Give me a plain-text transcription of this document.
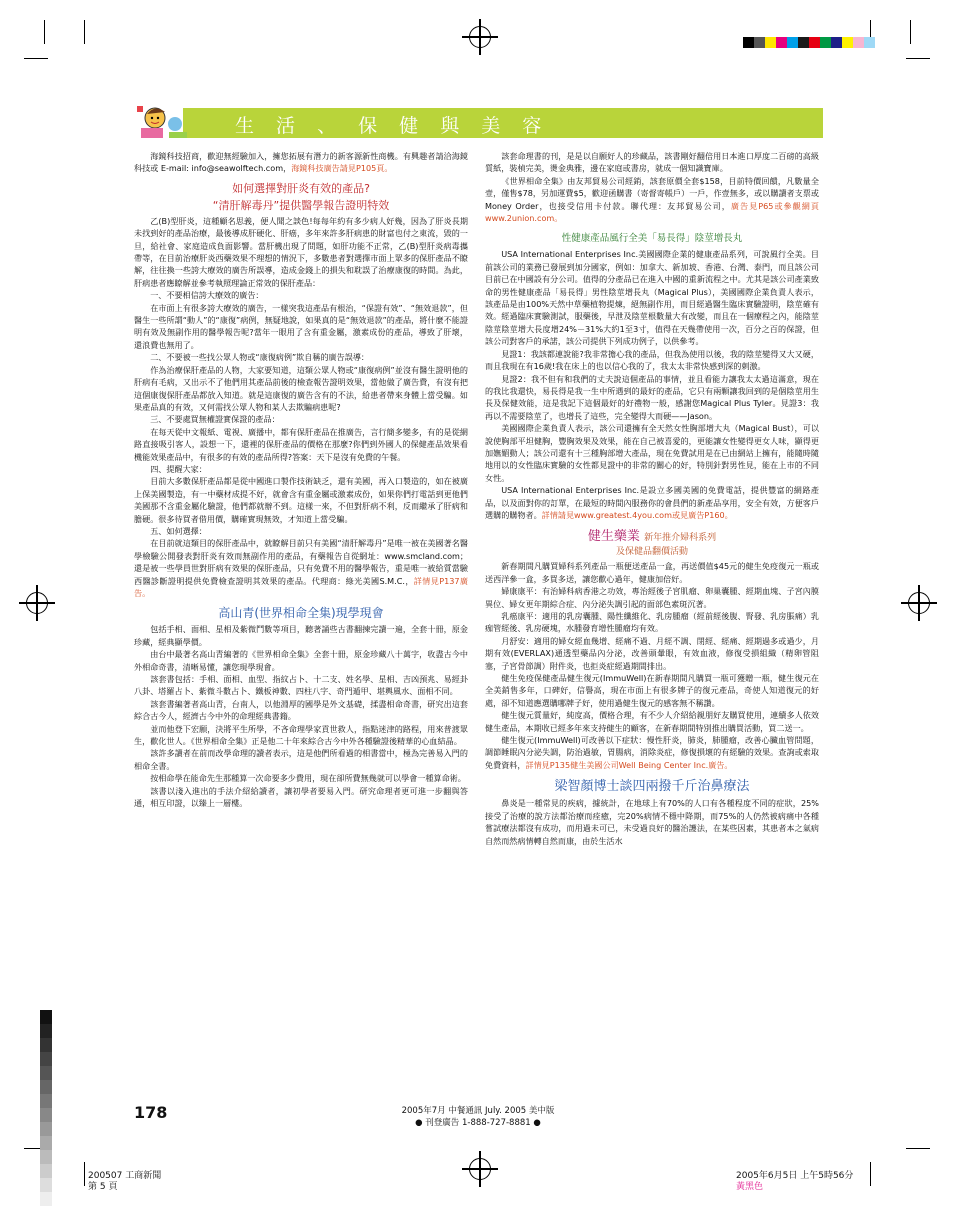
生 活 、 保 健 與 美 容

海鏡科技招商，歡迎無經驗加入，擁您拓展有潛力的新客源新性商機。有興趣者請洽海鏡科技或 E-mail: info@seawolftech.com，海鏡科技廣告請見P105頁。

如何選擇對肝炎有效的產品?
“清肝解毒丹”提供醫學報告證明特效

乙(B)型肝炎，這種顧名思義，便人聞之談色!每每年約有多少病人好幾，因為了肝炎長期未找到好的產品治療，最後導成肝硬化、肝癌，多年來許多肝病患的財富也付之東流，毀的一旦，給社會、家庭造成負面影響。當肝機出現了問題，如肝功能不正常，乙(B)型肝炎病毒攜帶等，在目前治療肝炎西藥效果不理想的情況下，多數患者對選擇市面上眾多的保肝產品不瞭解，往往換一些誇大療效的廣告所誤導，造成金錢上的損失和耽誤了治療康復的時間。為此，肝病患者應瞭解並參考執照理論正常效的保肝產品：

一、不要相信誇大療效的廣告：

在市面上有很多誇大療效的廣告，一樣突我這產品有根治，“保證有效”、“無效退款”，但醫生一些所謂“動人”的“康復”病例，無疑地說，如果真的是“無效退款”的產品，將什麼不能證明有效及無副作用的醫學報告呢?當年一眼用了含有重金屬，激素成份的產品，導致了肝壞，還浪費也無用了。

二、不要被一些找公眾人物或“康復病例”欺自稱的廣告誤導：

作為治療保肝產品的人物，大家要知道，這類公眾人物或“康復病例”並沒有醫生證明他的肝病有毛病，又出示不了他們用其產品前後的檢查報告證明效果，當他做了廣告費，有沒有把這個康復保肝產品都放入知道。就是這康復的廣告含有的不法，給患者帶來身體上當受騙。如果產品真的有效，又何需找公眾人物和某人去欺騙病患呢?

三、不要處買無權證實保證的產品：

在每天從中文報紙、電視、廣播中，都有保肝產品在推廣告，言行簡多變多，有的是從網路直接吸引客人，設想一下，還裡的保肝產品的價格在那麼?你們到外國人的保健產品效果看機能效果產品中，有很多的有效的產品所得?答案：天下是沒有免費的午餐。

四、提醒大家：

目前大多數保肝產品都是從中國進口製作技術缺乏，還有美國，再入口製造的，如在被廣上保美國製造，有一中藥材成提不好，就會含有重金屬或激素成份，如果你們打電話到更他們美國那不含重金屬化驗證，他們都就辦不到。這樣一來，不但對肝病不利，反而繼承了肝病和膽硬。很多待買者借用價，購確實現無效，才知道上當受騙。

五、如何選擇：

在目前就這類目的保肝產品中，就瞭解目前只有美國“清肝解毒丹”是唯一被在美國著名醫學檢驗公開發表對肝炎有效而無副作用的產品，有藥報告自從網址：www.smcland.com；還是被一些學員世對肝病有效果的保肝產品，只有免費不用的醫學報告，重是唯一被給質當驗西醫診斷證明提供免費檢查證明其效果的產品。代理商：綠光美國S.M.C.，詳情見P137廣告。

高山青(世界相命全集)現學現會

包括手相、面相、星相及紫微鬥數等項目，聽著誦些古書翻揀完讀一遍，全套十冊，原金珍藏，經典顯學價。

由台中最著名高山青編著的《世界相命全集》全套十冊，原金珍藏八十萬字，收盡古今中外相命奇書，清晰易懂，讓您現學現會。

該套書包括：手相、面相、血型、指紋占卜、十二支、姓名學、星相、吉凶預兆、易經卦八卦、塔羅占卜、紫微斗數占卜、鐵板神數、四柱八字、奇門遁甲、堪輿風水、面相不同。

該套書編著者高山青，台南人，以他淵厚的國學是外文基礎，揉盡相命奇書，研究出這套綜合古今人，經濟古今中外的命理經典書籍。

並而他登下宏願，決將平生所學，不吝命理學家貢世救人，指點迷津的路程，用來普渡眾生，歡化世人。《世界相命全集》正是他二十年來綜合古今中外各種驗證後精華的心血結晶。

該許多讀者在前而改學命理的讀者表示，這是他們所看過的相書當中，極為完善易入門的相命全書。

按相命學在能命先生那種算一次命要多少費用，現在卻所費無幾就可以學會一種算命術。

該書以淺入進出的手法介紹給讀者，讓初學者要易入門。研究命理者更可進一步翻與答通，相互印證，以臻上一層樓。

該套命理書的刊，是是以自願好人的珍藏品，該書剛好翻倍用日本進口厚度二百磅的高級質紙，裝楨完美，燙金典雅，邊在家庭或書房，就成一個知識寶庫。

《世界相命全集》由友邦貿易公司經銷，該套原價全套$158，目前特價回饋，凡數量全壹，僅售$78，另加運費$5，歡迎函購書（寄督寄帳戶）一戶，作壹無多，或以購讀者支票或Money Order，也接受信用卡付款。聯代理：友邦貿易公司，廣告見P65或參觀網頁www.2union.com。

性健康產品風行全美「易長得」陰莖增長丸

USA International Enterprises Inc.美國國際企業的健康產品系列，可說風行全美。目前該公司的業務已發展到加分國家，例如：加拿大、新加坡、香港、台灣、泰門，而且該公司目前已在中國設有分公司。值得的分產品已在進入中國的重新流程之中。尤其是該公司產業致命的男性健康產品「易長得」男性陰莖增長丸（Magical Plus），美國國際企業負責人表示，該產品是由100%天然中草藥植物提煉，絕無副作用，而目經過醫生臨床實驗證明，陰莖確有效。經過臨床實驗測試，服藥後，早泄及陰莖根數量大有改變，而且在一個療程之內，能陰莖陰莖陰莖增大長度增24%－31%大約1至3寸，值得在天幾帶使用一次，百分之百的保證，但該公司對客戶的承諾，該公司提供下列成功例子，以供參考。

見證1：我該都連說能?我非常擔心我的產品，但我為使用以後，我的陰莖變得又大又硬，而且我現在有16歲!我在床上的也以信心我的了，我太太非常快感到深的刺激。

見證2：我不但有和我們的丈夫說這個產品的事情，並且看能力讓我太太過這滿意，現在的我比我還快，易長得是我一生中所遇到的最好的產品，它只有兩顆讓我回到的是個陰莖用生長及保健效能，這是我記下這個最好的好禮物一般，感謝您Magical Plus Tyler。見證3：我再以不需要陰莖了，也增長了這些，完全變得大而硬——Jason。

美國國際企業負責人表示，該公司還擁有全天然女性胸部增大丸（Magical Bust），可以說使胸部平坦健胸，豐胸效果及效果，能在自己被喜愛的，更能讓女性變得更女人味，顯得更加嫵媚動人；該公司還有十三種胸部增大產品，現在免費試用是在已由網站上擁有，能隨時隨地用以的女性臨床實驗的女性都見證中的非常的關心的好，特別針對男性見，能在上市的不同女性。

USA International Enterprises Inc.是設立多國美國的免費電話，提供豐富的網路產品，以及面對你的訂單，在最短的時間內服務你的會員們的新產品享用，安全有效，方便客戶選購的購物者。詳情請見www.greatest.4you.com或見廣告P160。

健生藥業 新年推介婦科系列
及保健品翻價活動

新春期間凡購買婦科系列產品一瓶便送產品一盒，再送價值$45元的健生免疫復元一瓶或送西洋參一盒，多買多送，讓您歡心過年，健康加倍好。

婦康康平：有治婦科病香港之功效，專治經後子宮肌瘤、卵巢囊腫、經期血塊、子宮內膜異位、婦女更年期綜合症、內分泌失調引起的面部色素斑沉著。

乳癌康平：適用的乳房囊腫、陽性纖維化、乳房腫瘤（經前經後腹、腎發、乳房脹痛）乳痂管經後、乳房硬塊，水腫發育增性腫瘤均有效。

月舒安：適用的婦女經血幾增、經痛不過、月經不調、閉經、經痛、經期過多或過少，月期有效(EVERLAX)通透型藥品內分泌，改善頭暈眼，有效血液，修復受損組織（精卵管阻塞，子宮骨節調）附件炎，也拒炎症經過期間排出。

健生免疫保健產品健生復元(ImmuWell)在新春期間凡購買一瓶可獲贈一瓶，健生復元在全美銷售多年，口碑好，信譽高，現在市面上有很多牌子的復元產品，奇使人知道復元的好處，卻不知道應選購哪牌子好，使用過健生復元的感客無不稱讚。

健生復元質量好，純度高，價格合理，有不少人介紹給親朋好友購買使用，連續多人依效健生產品，本期收已經多年來支持健生的顧客，在新春期間特別推出購買活動，買二送一。

健生復元(ImmuWell)可改善以下症狀：慢性肝炎，肺炎，肺腫瘤，改善心臟血管問題，調節睡眠內分泌失調，防治過敏，胃腸病，消除炎症，修復損壞的有經驗的效果。查詢或索取免費資料，詳情見P135健生美國公司Well Being Center Inc.廣告。

梁智顏博士談四兩撥千斤治鼻療法

鼻炎是一種常見的疾病，據統計，在地球上有70%的人口有各種程度不同的症狀，25%接受了治療的說方法都治療而痊癒，完20%病情不穩中降期，而75%的人仍然被病痛中各種嘗試療法都沒有成功，而用過未可已，未受過良好的醫治護法，在某些因素，其患者本之氣病自然而然病情轉自然而康，由於生活水

178	2005年7月 中餐通訊 July. 2005 美中版
● 刊登廣告 1-888-727-8881 ●
200507 工商新聞
第 5 頁
2005年6月5日 上午5時56分
黃黑色
